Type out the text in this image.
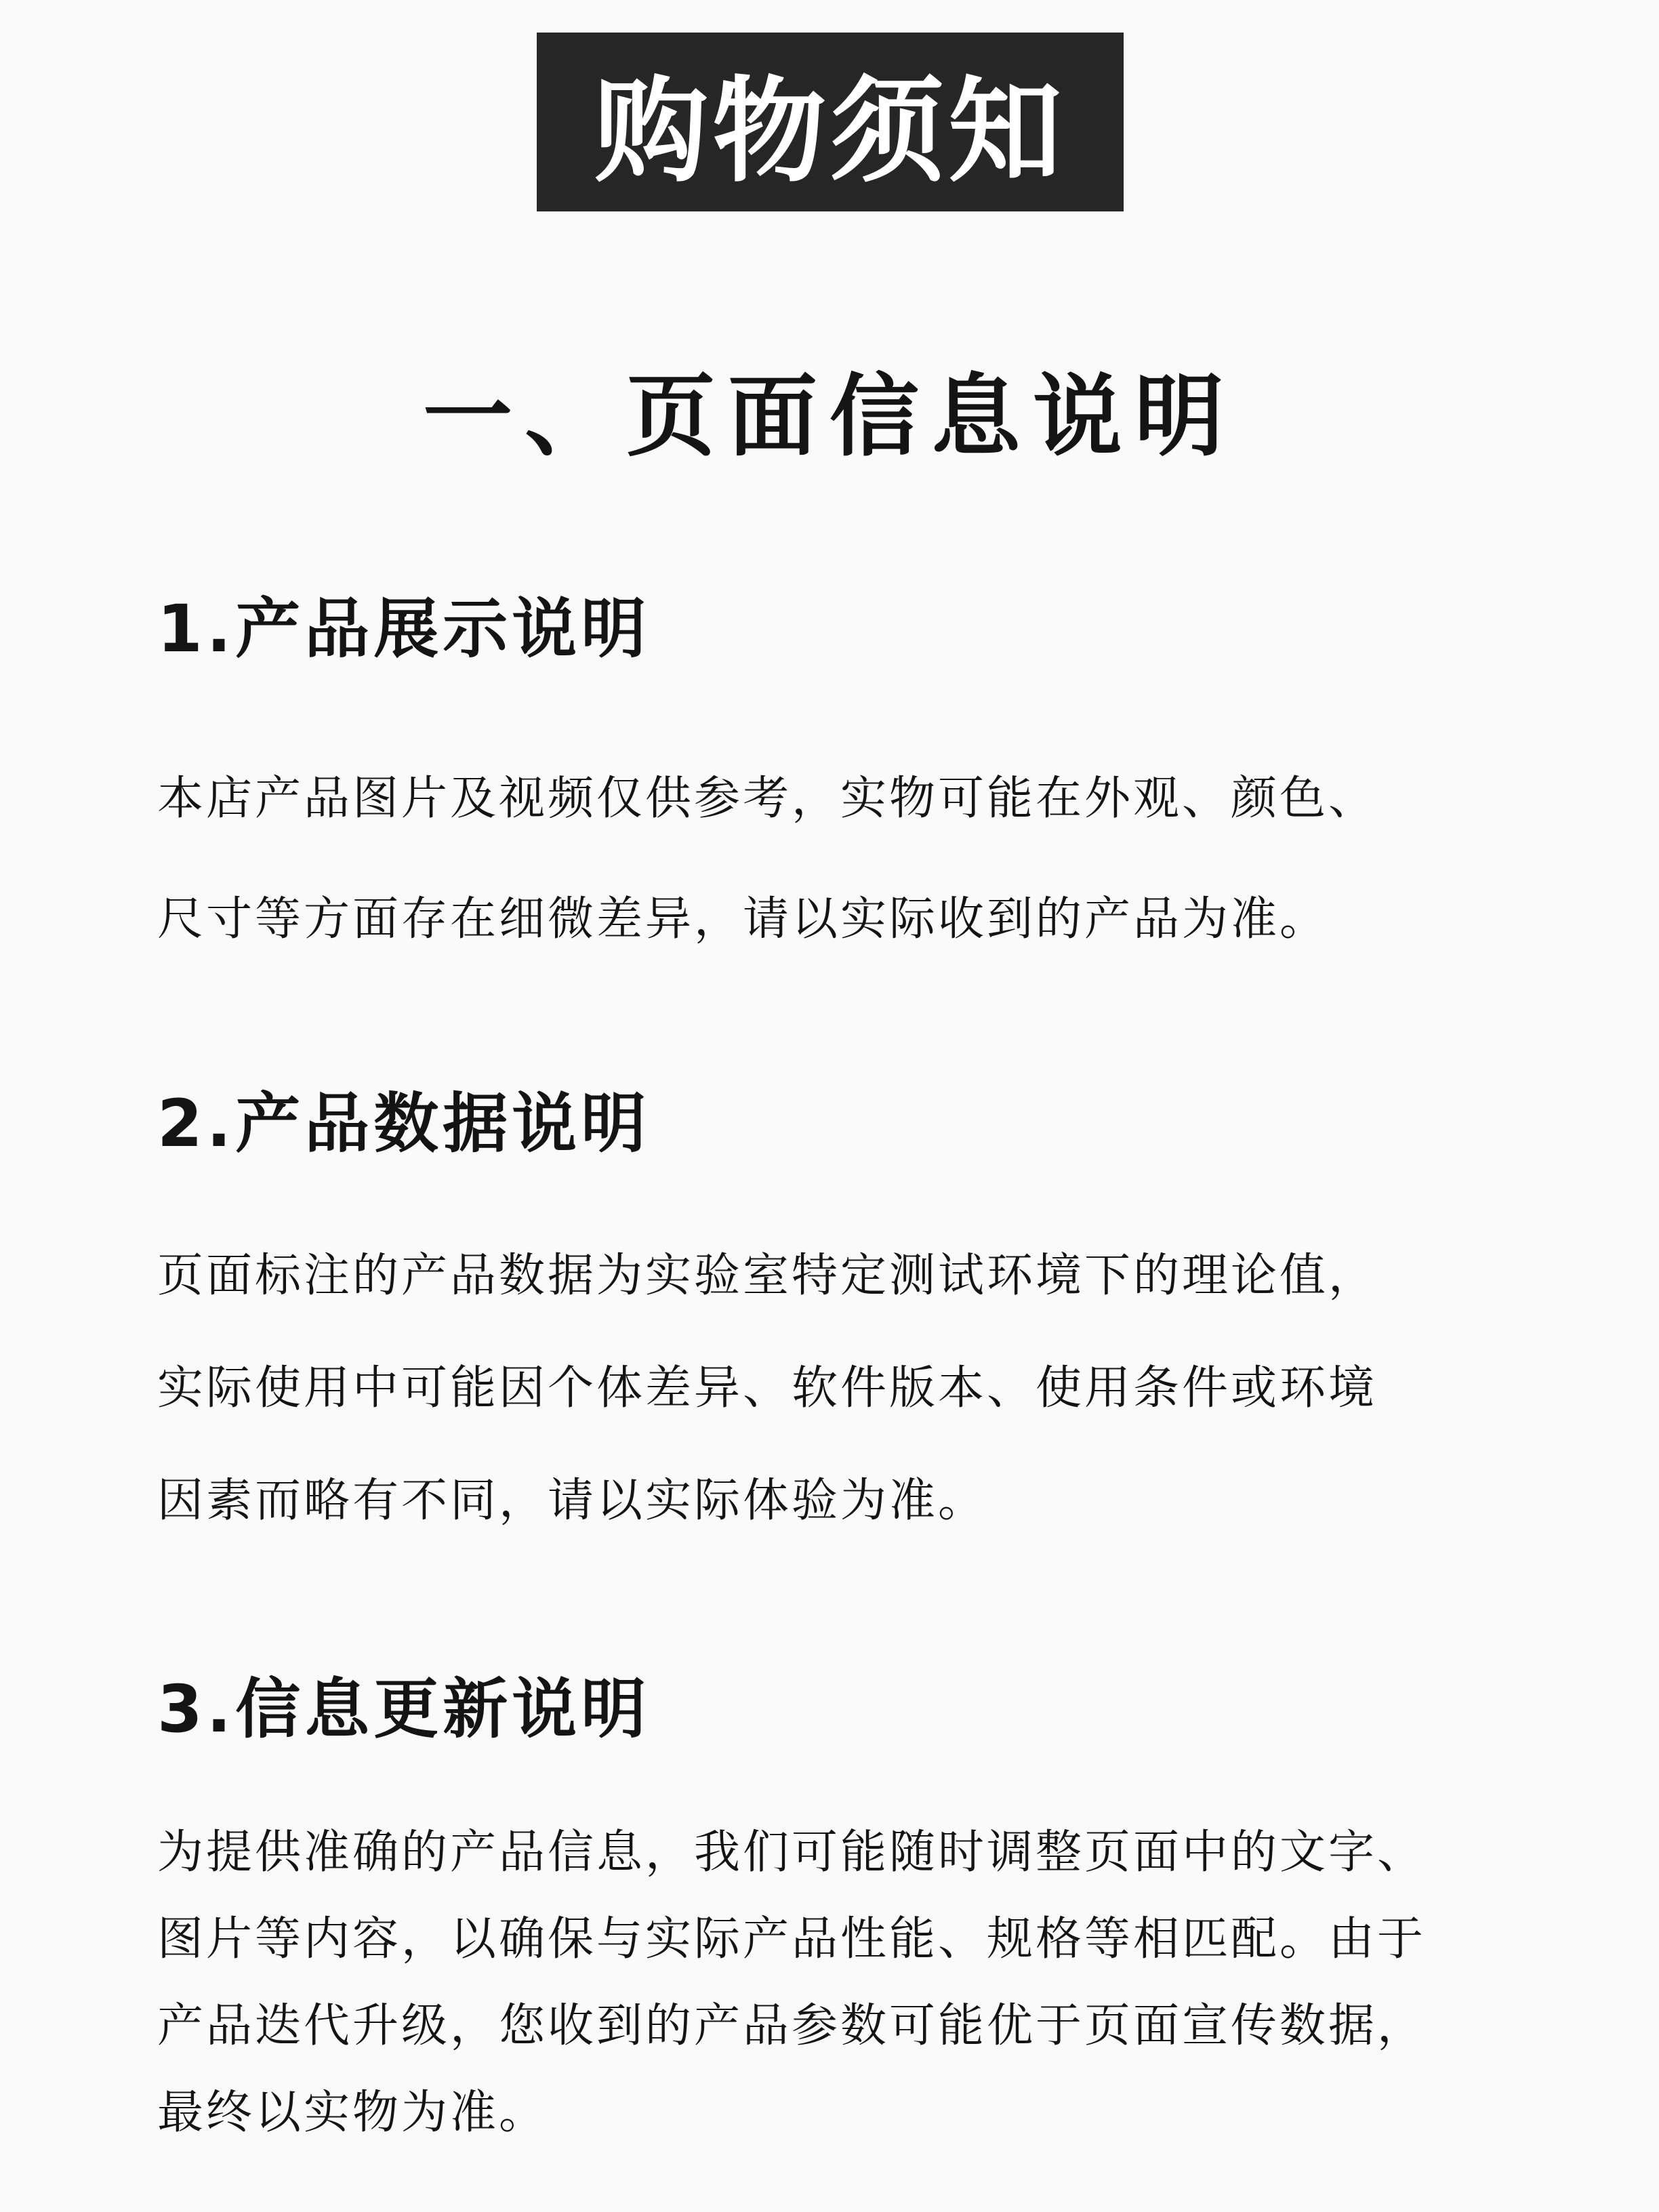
购物须知
一、页面信息说明
1.产品展示说明
本店产品图片及视频仅供参考，实物可能在外观、颜色、
尺寸等方面存在细微差异，请以实际收到的产品为准。
2.产品数据说明
页面标注的产品数据为实验室特定测试环境下的理论值，
实际使用中可能因个体差异、软件版本、使用条件或环境
因素而略有不同，请以实际体验为准。
3.信息更新说明
为提供准确的产品信息，我们可能随时调整页面中的文字、
图片等内容，以确保与实际产品性能、规格等相匹配。由于
产品迭代升级，您收到的产品参数可能优于页面宣传数据，
最终以实物为准。
